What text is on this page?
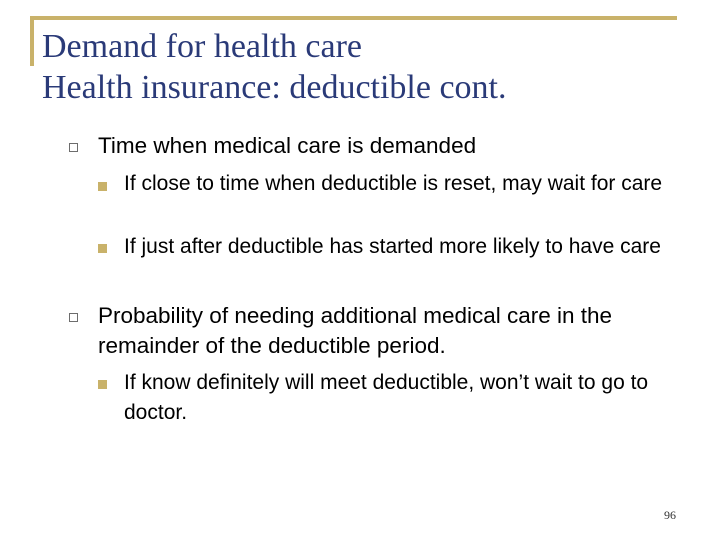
Demand for health care
Health insurance: deductible cont.
Time when medical care is demanded
If close to time when deductible is reset, may wait for care
If just after deductible has started more likely to have care
Probability of needing additional medical care in the remainder of the deductible period.
If know definitely will meet deductible, won’t wait to go to doctor.
96
